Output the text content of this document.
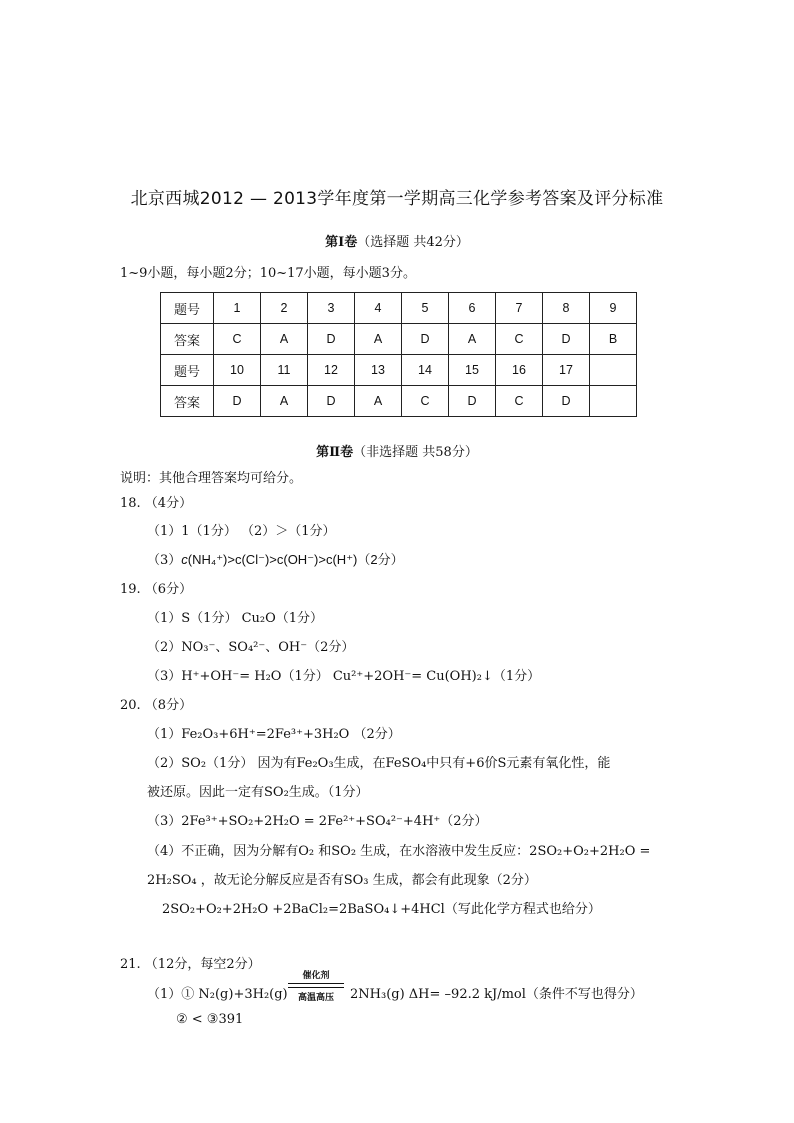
北京西城2012 — 2013学年度第一学期高三化学参考答案及评分标准
第Ⅰ卷（选择题 共42分）
1~9小题，每小题2分；10~17小题，每小题3分。
题号	1	2	3	4	5	6	7	8	9
答案	C	A	D	A	D	A	C	D	B
题号	10	11	12	13	14	15	16	17	
答案	D	A	D	A	C	D	C	D	
第Ⅱ卷（非选择题 共58分）
说明：其他合理答案均可给分。
18. （4分）
（1）1（1分） （2）＞（1分）
（3）c(NH₄⁺)>c(Cl⁻)>c(OH⁻)>c(H⁺)（2分）
19. （6分）
（1）S（1分） Cu₂O（1分）
（2）NO₃⁻、SO₄²⁻、OH⁻（2分）
（3）H⁺+OH⁻= H₂O（1分） Cu²⁺+2OH⁻= Cu(OH)₂↓（1分）
20. （8分）
（1）Fe₂O₃+6H⁺=2Fe³⁺+3H₂O （2分）
（2）SO₂（1分） 因为有Fe₂O₃生成，在FeSO₄中只有+6价S元素有氧化性，能
被还原。因此一定有SO₂生成。（1分）
（3）2Fe³⁺+SO₂+2H₂O = 2Fe²⁺+SO₄²⁻+4H⁺（2分）
（4）不正确，因为分解有O₂ 和SO₂ 生成，在水溶液中发生反应：2SO₂+O₂+2H₂O =
2H₂SO₄ ，故无论分解反应是否有SO₃ 生成，都会有此现象（2分）
2SO₂+O₂+2H₂O +2BaCl₂=2BaSO₄↓+4HCl（写此化学方程式也给分）
21. （12分，每空2分）
（1）① N₂(g)+3H₂(g)
催化剂
高温高压	2NH₃(g) ΔH= –92.2 kJ/mol（条件不写也得分）
② < ③391
